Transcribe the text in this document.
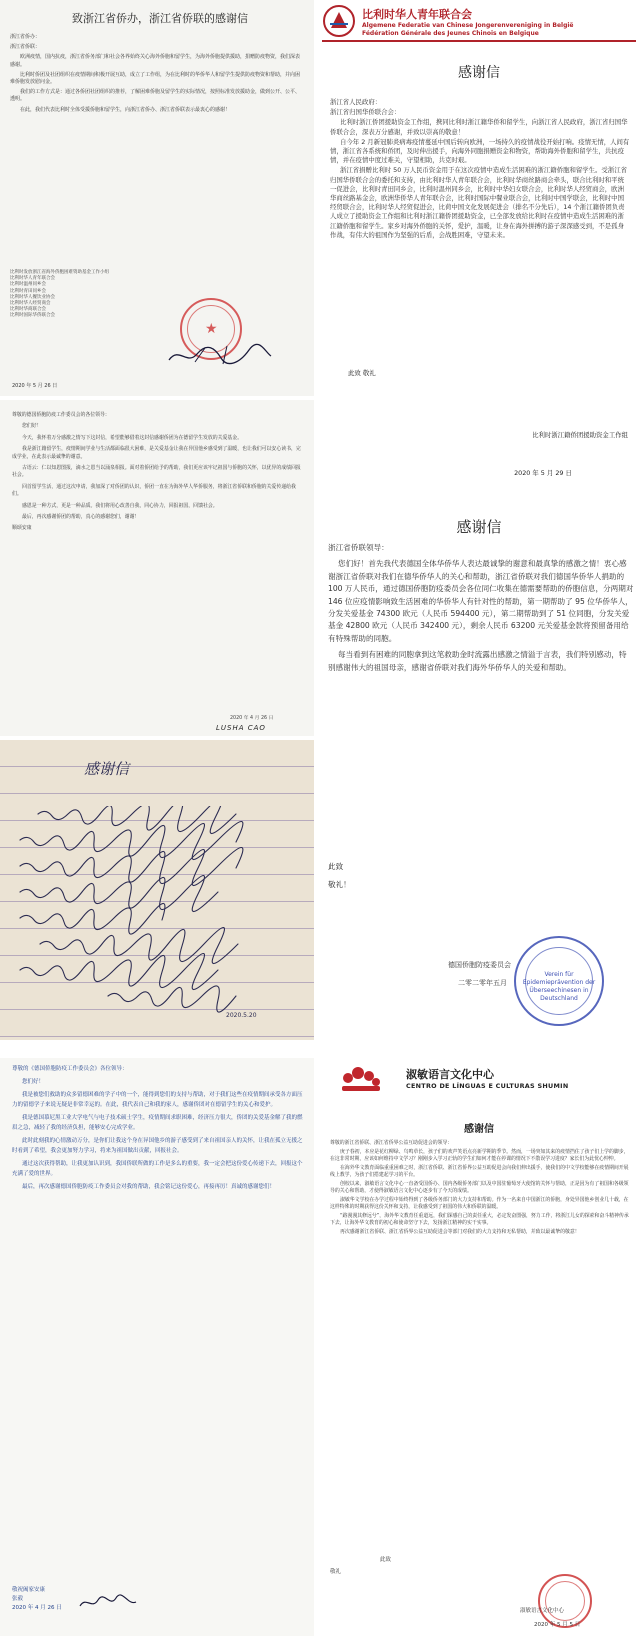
致浙江省侨办，浙江省侨联的感谢信

浙江省侨办：

浙江省侨联：

欧洲疫情，国内抗疫，浙江省侨务部门和社会各界始终关心海外侨胞和留学生，为海外侨胞提供援助，捐赠防疫物资，我们深表感谢。

比利时侨团及社团组织在疫情期间积极开展互助，成立了工作组，为在比利时的华侨华人和留学生提供防疫物资和帮助，并向困难侨胞发放慰问金。

我们的工作方式是：通过各侨团社团组织的推荐，了解困难侨胞及留学生的实际情况，按照标准发放援助金，做到公开、公平、透明。

在此，我们代表比利时全体受援侨胞和留学生，向浙江省侨办、浙江省侨联表示最衷心的感谢！

比利时发放浙江省海外侨胞困难资助基金工作小组
比利时华人青年联合会
比利时温州同乡会
比利时青田同乡会
比利时华人餐饮业协会
比利时华人经贸商会
比利时华商联合会
比利时国际华侨联合会
★
2020 年 5 月 26 日
比利时华人青年联合会
Algemene Federatie van Chinese Jongerenvereniging in België
Fédération Générale des Jeunes Chinois en Belgique
感谢信

浙江省人民政府：

浙江省归国华侨联合会：

比利时浙江侨团援助资金工作组，携同比利时浙江籍华侨和留学生，向浙江省人民政府，浙江省归国华侨联合会，深表万分感谢，并致以崇高的敬意！

自今年 2 月新冠肺炎病毒疫情蔓延中国后转向欧洲，一场持久的疫情战役开始打响。疫情无情，人间有情，浙江省各系统和侨团，及时伸出援手，向海外同胞捐赠资金和物资，帮助海外侨胞和留学生，共抗疫情，并在疫情中度过难关，守望相助，共克时艰。

浙江省捐赠比利时 50 万人民币资金用于在这次疫情中造成生活困难的浙江籍侨胞和留学生。受浙江省归国华侨联合会的委托和支持，由比利时华人青年联合会，比利时华商丝路商会牵头，联合比利时和平统一促进会，比利时青田同乡会，比利时温州同乡会，比利时中华妇女联合会，比利时华人经贸商会，欧洲华商丝路基金会，欧洲华侨华人青年联合会，比利时国际中餐业联合会，比利时中国学联会，比利时中国经贸联合会，比利时华人经贸促进会，比荷中国文化发展促进会（排名不分先后），14 个浙江籍侨团负责人成立了援助资金工作组和比利时浙江籍侨团援助资金，已全部发放给比利时在疫情中造成生活困难的浙江籍侨胞和留学生。家乡对海外侨胞的关怀，爱护，温暖，让身在海外拼搏的游子深深感受到，不是孤身作战，有伟大的祖国作为坚强的后盾，会战胜困难，守望未来。

此致 敬礼
比利时浙江籍侨团援助资金工作组
2020 年 5 月 29 日

尊敬的德国侨胞防疫工作委员会的各位领导：

您们好！

今天，我怀着万分感激之情写下这封信，希望能够借着这封信感谢侨团为在德留学生发放的关爱基金。

我是浙江籍留学生，疫情期间学业与生活都面临很大困难，是关爱基金让我在异国他乡感受到了温暖，也让我们可以安心读书，完成学业，在此表示最诚挚的谢意。

古语云：仁以知恩图报，滴水之恩当以涌泉相报。面对着侨团给予的帮助，我们更应该牢记祖国与侨胞的关怀，以优异的成绩回报社会。

回首留学生活，通过这次申请，我加深了对侨团的认识，侨团一直在为海外华人华侨服务，将浙江省侨联和侨胞的关爱传递给我们。

感恩是一种方式，更是一种品质。我们将用心改善自我，同心协力，回报祖国，回馈社会。

最后，再次感谢侨团的帮助，真心的感谢您们，谢谢！

顺颂安康

2020 年 4 月 26 日
LUSHA CAO
感谢信

浙江省侨联领导：

您们好！首先我代表德国全体华侨华人表达最诚挚的谢意和最真挚的感激之情！衷心感谢浙江省侨联对我们在德华侨华人的关心和帮助，浙江省侨联对我们德国华侨华人捐助的 100 万人民币，通过德国侨胞防疫委员会各位同仁收集在德需要帮助的侨胞信息，分两期对 146 位应疫情影响致生活困难的华侨华人有针对性的帮助，第一期帮助了 95 位华侨华人，分发关爱基金 74300 欧元（人民币 594400 元），第二期帮助到了 51 位同胞，分发关爱基金 42800 欧元（人民币 342400 元），剩余人民币 63200 元关爱基金款将预留备用给有特殊帮助的同胞。

每当看到有困难的同胞拿到这笔救助金时流露出感激之情溢于言表，我们特别感动，特别感谢伟大的祖国母亲，感谢省侨联对我们海外华侨华人的关爱和帮助。

此致
敬礼！
德国侨胞防疫委员会
二零二零年五月
Verein für Epidemieprävention der Überseechinesen in Deutschland
感谢信
2020.5.20

尊敬的《德国侨胞防疫工作委员会》各位领导：

您们好！

我是被您们救助的众多留德困难的学子中的一个，能得到您们的支持与帮助，对于我们这些在疫情期间承受各方面压力的留德学子来说无疑是非常幸运的。在此，我代表自己和我的家人，感谢侨团对在德留学生的关心和爱护。

我是德国慕尼黑工业大学电气与电子技术硕士学生，疫情期间求职困难，经济压力很大，侨团的关爱基金解了我的燃眉之急，减轻了我的经济负担，能够安心完成学业。

此时此刻我的心情激动万分，是你们让我这个身在异国他乡的游子感受到了来自祖国亲人的关怀，让我在孤立无援之时看到了希望，我会更加努力学习，将来为祖国做出贡献，回报社会。

通过这次获得帮助，让我更加认识到，我国侨联所做的工作是多么的重要，我一定会把这份爱心传递下去，回报这个充满了爱的世界。

最后，再次感谢德国侨胞防疫工作委员会对我的帮助，我会铭记这份爱心，再接再厉！真诚的感谢您们！

敬祝阖家安康
张毅
2020 年 4 月 26 日
淑敏语言文化中心
CENTRO DE LÍNGUAS E CULTURAS SHUMIN
感谢信

尊敬的浙江省侨联、浙江省侨界公益互助促进会的领导：

庚子春初，本应是花红柳绿、鸟鸣草长，孩子们的欢声笑语点亮新学期的季节。然而，一场突如其来的疫情挡住了孩子们上学的脚步，在这非常时期，应该如何维持中文学习？刚刚步入学习正轨的学生们如何才能在停课的情况下不散误学习进度？家长们为此忧心忡忡。

在海外华文教育面临重重困难之时，浙江省侨联、浙江省侨界公益互助促进会向我们伸出援手，使我们的中文学校能够在疫情期间开展线上教学，为孩子们搭建起学习的平台。

创校以来，淑敏语言文化中心一直备受国侨办、国内各级侨务部门以及中国驻葡萄牙大使馆的关怀与帮助，正是因为有了祖国和各级领导的关心和帮助，才使得淑敏语言文化中心逐步有了今天的成绩。

淑敏华文学校在办学过程中始终得到了各级侨务部门的大力支持和帮助。作为一名来自中国浙江的侨胞，身处异国他乡创业几十载，在这样特殊的时期获得这份关怀和支持，让我感受到了祖国的伟大和侨联的温暖。

“路漫漫其修远兮”，海外华文教育任重道远，我们深感自己的责任重大，必定发奋图强，努力工作，将浙江儿女的探索和奋斗精神传承下去，让海外华文教育的初心和使命坚守下去，发扬浙江精神的实干实事。

再次感谢浙江省侨联、浙江省侨界公益互助促进会等部门对我们的大力支持和无私帮助，并致以最诚挚的敬意！

此致
敬礼
淑敏语言文化中心
2020 年 5 月 5 日
